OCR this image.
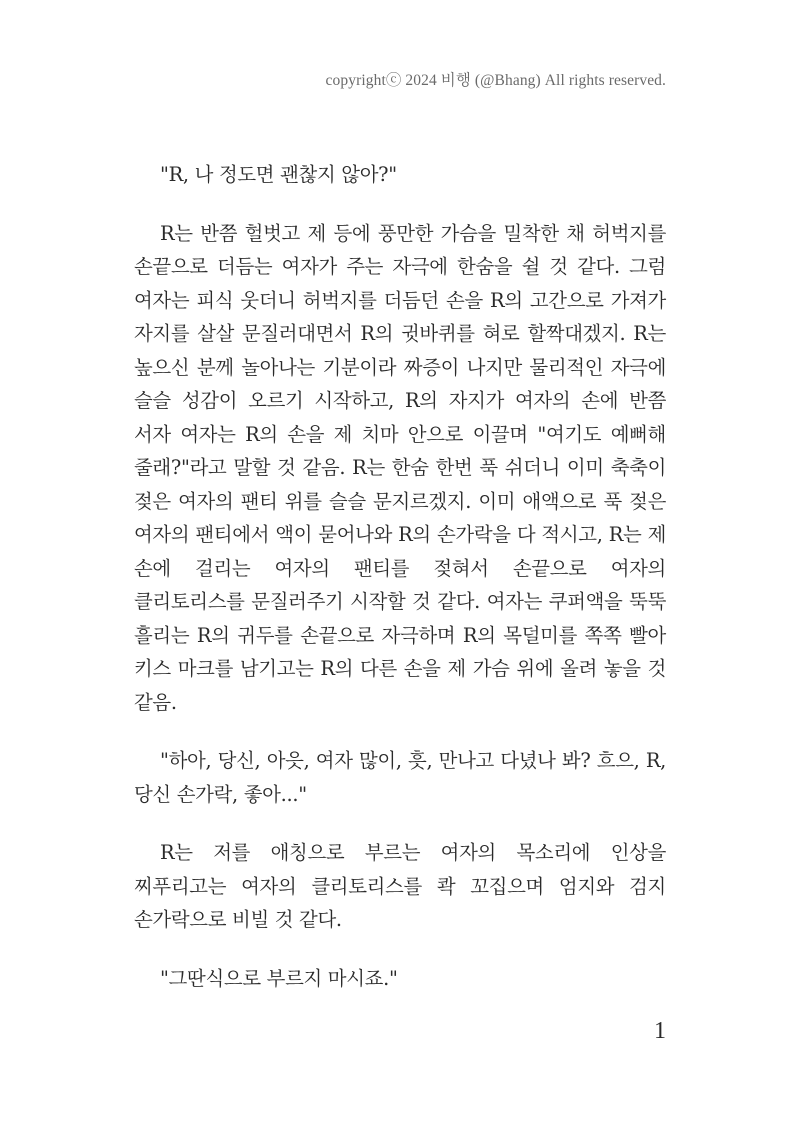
copyrightⓒ 2024 비행 (@Bhang) All rights reserved.

"R, 나 정도면 괜찮지 않아?"

R는 반쯤 헐벗고 제 등에 풍만한 가슴을 밀착한 채 허벅지를 손끝으로 더듬는 여자가 주는 자극에 한숨을 쉴 것 같다. 그럼 여자는 피식 웃더니 허벅지를 더듬던 손을 R의 고간으로 가져가 자지를 살살 문질러대면서 R의 귓바퀴를 혀로 할짝대겠지. R는 높으신 분께 놀아나는 기분이라 짜증이 나지만 물리적인 자극에 슬슬 성감이 오르기 시작하고, R의 자지가 여자의 손에 반쯤 서자 여자는 R의 손을 제 치마 안으로 이끌며 "여기도 예뻐해 줄래?"라고 말할 것 같음. R는 한숨 한번 푹 쉬더니 이미 축축이 젖은 여자의 팬티 위를 슬슬 문지르겠지. 이미 애액으로 푹 젖은 여자의 팬티에서 액이 묻어나와 R의 손가락을 다 적시고, R는 제 손에 걸리는 여자의 팬티를 젖혀서 손끝으로 여자의 클리토리스를 문질러주기 시작할 것 같다. 여자는 쿠퍼액을 뚝뚝 흘리는 R의 귀두를 손끝으로 자극하며 R의 목덜미를 쪽쪽 빨아 키스 마크를 남기고는 R의 다른 손을 제 가슴 위에 올려 놓을 것 같음.

"하아, 당신, 아읏, 여자 많이, 흣, 만나고 다녔나 봐? 흐으, R, 당신 손가락, 좋아..."

R는 저를 애칭으로 부르는 여자의 목소리에 인상을 찌푸리고는 여자의 클리토리스를 콱 꼬집으며 엄지와 검지 손가락으로 비빌 것 같다.

"그딴식으로 부르지 마시죠."

1
